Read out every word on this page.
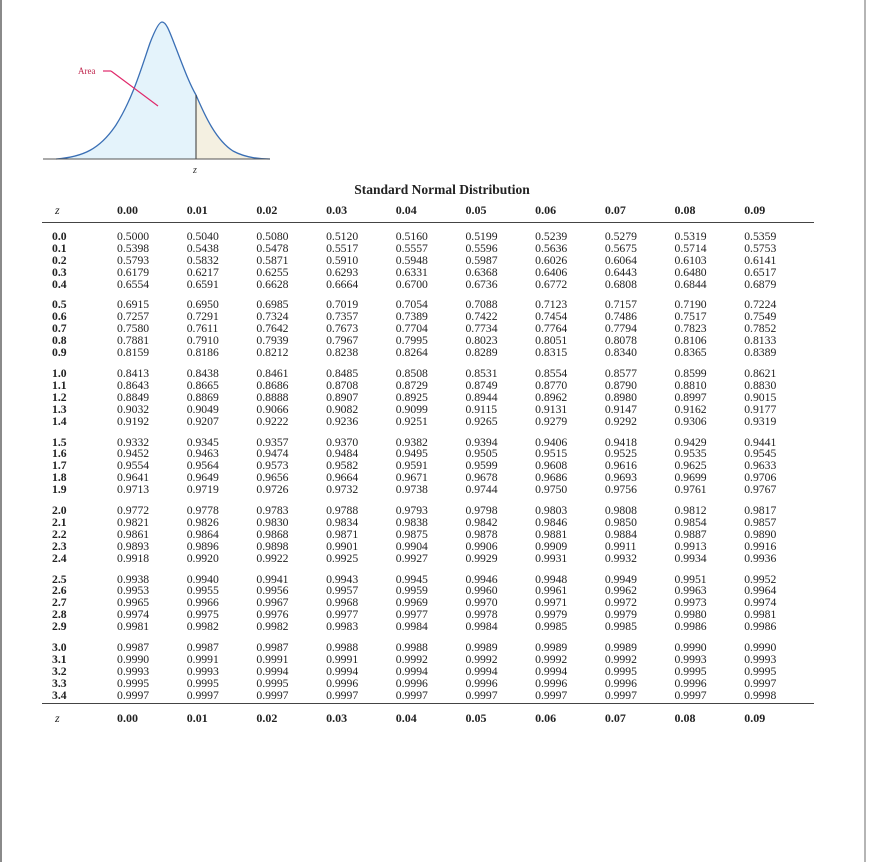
Area
z
Standard Normal Distribution
z	0.00	0.01	0.02	0.03	0.04	0.05	0.06	0.07	0.08	0.09
0.0	0.5000	0.5040	0.5080	0.5120	0.5160	0.5199	0.5239	0.5279	0.5319	0.5359
0.1	0.5398	0.5438	0.5478	0.5517	0.5557	0.5596	0.5636	0.5675	0.5714	0.5753
0.2	0.5793	0.5832	0.5871	0.5910	0.5948	0.5987	0.6026	0.6064	0.6103	0.6141
0.3	0.6179	0.6217	0.6255	0.6293	0.6331	0.6368	0.6406	0.6443	0.6480	0.6517
0.4	0.6554	0.6591	0.6628	0.6664	0.6700	0.6736	0.6772	0.6808	0.6844	0.6879
0.5	0.6915	0.6950	0.6985	0.7019	0.7054	0.7088	0.7123	0.7157	0.7190	0.7224
0.6	0.7257	0.7291	0.7324	0.7357	0.7389	0.7422	0.7454	0.7486	0.7517	0.7549
0.7	0.7580	0.7611	0.7642	0.7673	0.7704	0.7734	0.7764	0.7794	0.7823	0.7852
0.8	0.7881	0.7910	0.7939	0.7967	0.7995	0.8023	0.8051	0.8078	0.8106	0.8133
0.9	0.8159	0.8186	0.8212	0.8238	0.8264	0.8289	0.8315	0.8340	0.8365	0.8389
1.0	0.8413	0.8438	0.8461	0.8485	0.8508	0.8531	0.8554	0.8577	0.8599	0.8621
1.1	0.8643	0.8665	0.8686	0.8708	0.8729	0.8749	0.8770	0.8790	0.8810	0.8830
1.2	0.8849	0.8869	0.8888	0.8907	0.8925	0.8944	0.8962	0.8980	0.8997	0.9015
1.3	0.9032	0.9049	0.9066	0.9082	0.9099	0.9115	0.9131	0.9147	0.9162	0.9177
1.4	0.9192	0.9207	0.9222	0.9236	0.9251	0.9265	0.9279	0.9292	0.9306	0.9319
1.5	0.9332	0.9345	0.9357	0.9370	0.9382	0.9394	0.9406	0.9418	0.9429	0.9441
1.6	0.9452	0.9463	0.9474	0.9484	0.9495	0.9505	0.9515	0.9525	0.9535	0.9545
1.7	0.9554	0.9564	0.9573	0.9582	0.9591	0.9599	0.9608	0.9616	0.9625	0.9633
1.8	0.9641	0.9649	0.9656	0.9664	0.9671	0.9678	0.9686	0.9693	0.9699	0.9706
1.9	0.9713	0.9719	0.9726	0.9732	0.9738	0.9744	0.9750	0.9756	0.9761	0.9767
2.0	0.9772	0.9778	0.9783	0.9788	0.9793	0.9798	0.9803	0.9808	0.9812	0.9817
2.1	0.9821	0.9826	0.9830	0.9834	0.9838	0.9842	0.9846	0.9850	0.9854	0.9857
2.2	0.9861	0.9864	0.9868	0.9871	0.9875	0.9878	0.9881	0.9884	0.9887	0.9890
2.3	0.9893	0.9896	0.9898	0.9901	0.9904	0.9906	0.9909	0.9911	0.9913	0.9916
2.4	0.9918	0.9920	0.9922	0.9925	0.9927	0.9929	0.9931	0.9932	0.9934	0.9936
2.5	0.9938	0.9940	0.9941	0.9943	0.9945	0.9946	0.9948	0.9949	0.9951	0.9952
2.6	0.9953	0.9955	0.9956	0.9957	0.9959	0.9960	0.9961	0.9962	0.9963	0.9964
2.7	0.9965	0.9966	0.9967	0.9968	0.9969	0.9970	0.9971	0.9972	0.9973	0.9974
2.8	0.9974	0.9975	0.9976	0.9977	0.9977	0.9978	0.9979	0.9979	0.9980	0.9981
2.9	0.9981	0.9982	0.9982	0.9983	0.9984	0.9984	0.9985	0.9985	0.9986	0.9986
3.0	0.9987	0.9987	0.9987	0.9988	0.9988	0.9989	0.9989	0.9989	0.9990	0.9990
3.1	0.9990	0.9991	0.9991	0.9991	0.9992	0.9992	0.9992	0.9992	0.9993	0.9993
3.2	0.9993	0.9993	0.9994	0.9994	0.9994	0.9994	0.9994	0.9995	0.9995	0.9995
3.3	0.9995	0.9995	0.9995	0.9996	0.9996	0.9996	0.9996	0.9996	0.9996	0.9997
3.4	0.9997	0.9997	0.9997	0.9997	0.9997	0.9997	0.9997	0.9997	0.9997	0.9998
z	0.00	0.01	0.02	0.03	0.04	0.05	0.06	0.07	0.08	0.09
